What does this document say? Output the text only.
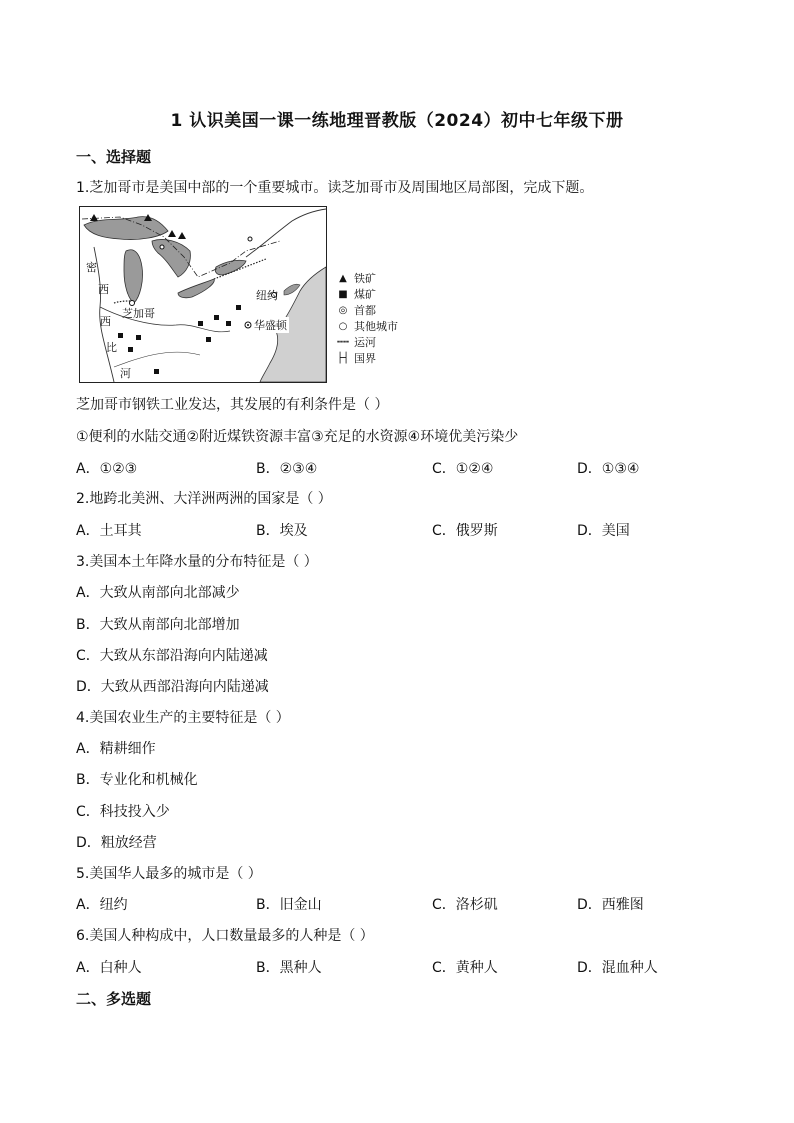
1 认识美国一课一练地理晋教版（2024）初中七年级下册
一、选择题
1.芝加哥市是美国中部的一个重要城市。读芝加哥市及周围地区局部图，完成下题。
密
西
西
比
河
芝加哥
纽约
华盛顿
▲ 铁矿
■ 煤矿
◎ 首都
○ 其他城市
┅┅ 运河
├┤ 国界
芝加哥市钢铁工业发达，其发展的有利条件是（ ）
①便利的水陆交通②附近煤铁资源丰富③充足的水资源④环境优美污染少
A．①②③	B．②③④	C．①②④	D．①③④
2.地跨北美洲、大洋洲两洲的国家是（ ）
A．土耳其	B．埃及	C．俄罗斯	D．美国
3.美国本土年降水量的分布特征是（ ）
A．大致从南部向北部减少
B．大致从南部向北部增加
C．大致从东部沿海向内陆递减
D．大致从西部沿海向内陆递减
4.美国农业生产的主要特征是（ ）
A．精耕细作
B．专业化和机械化
C．科技投入少
D．粗放经营
5.美国华人最多的城市是（ ）
A．纽约	B．旧金山	C．洛杉矶	D．西雅图
6.美国人种构成中，人口数量最多的人种是（ ）
A．白种人	B．黑种人	C．黄种人	D．混血种人
二、多选题
